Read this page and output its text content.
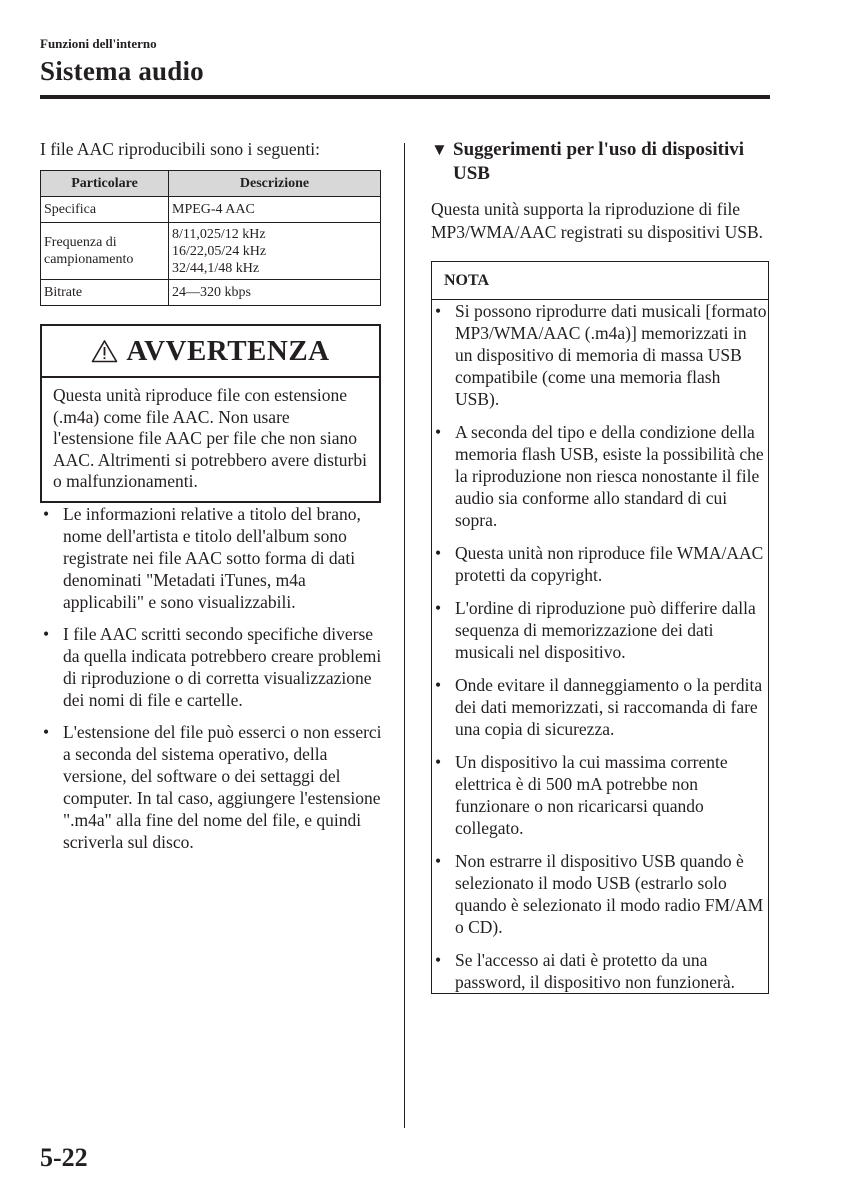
Funzioni dell'interno
Sistema audio

I file AAC riproducibili sono i seguenti:

Particolare	Descrizione
Specifica	MPEG-4 AAC
Frequenza di campionamento	8/11,025/12 kHz
16/22,05/24 kHz
32/44,1/48 kHz

Bitrate	24—320 kbps
AVVERTENZA
Questa unità riproduce file con estensione (.m4a) come file AAC. Non usare l'estensione file AAC per file che non siano AAC. Altrimenti si potrebbero avere disturbi o malfunzionamenti.
• Le informazioni relative a titolo del brano, nome dell'artista e titolo dell'album sono registrate nei file AAC sotto forma di dati denominati "Metadati iTunes, m4a applicabili" e sono visualizzabili.
• I file AAC scritti secondo specifiche diverse da quella indicata potrebbero creare problemi di riproduzione o di corretta visualizzazione dei nomi di file e cartelle.
• L'estensione del file può esserci o non esserci a seconda del sistema operativo, della versione, del software o dei settaggi del computer. In tal caso, aggiungere l'estensione ".m4a" alla fine del nome del file, e quindi scriverla sul disco.
▼ Suggerimenti per l'uso di dispositivi USB

Questa unità supporta la riproduzione di file MP3/WMA/AAC registrati su dispositivi USB.

NOTA
• Si possono riprodurre dati musicali [formato MP3/WMA/AAC (.m4a)] memorizzati in un dispositivo di memoria di massa USB compatibile (come una memoria flash USB).
• A seconda del tipo e della condizione della memoria flash USB, esiste la possibilità che la riproduzione non riesca nonostante il file audio sia conforme allo standard di cui sopra.
• Questa unità non riproduce file WMA/AAC protetti da copyright.
• L'ordine di riproduzione può differire dalla sequenza di memorizzazione dei dati musicali nel dispositivo.
• Onde evitare il danneggiamento o la perdita dei dati memorizzati, si raccomanda di fare una copia di sicurezza.
• Un dispositivo la cui massima corrente elettrica è di 500 mA potrebbe non funzionare o non ricaricarsi quando collegato.
• Non estrarre il dispositivo USB quando è selezionato il modo USB (estrarlo solo quando è selezionato il modo radio FM/AM o CD).
• Se l'accesso ai dati è protetto da una password, il dispositivo non funzionerà.
5-22
